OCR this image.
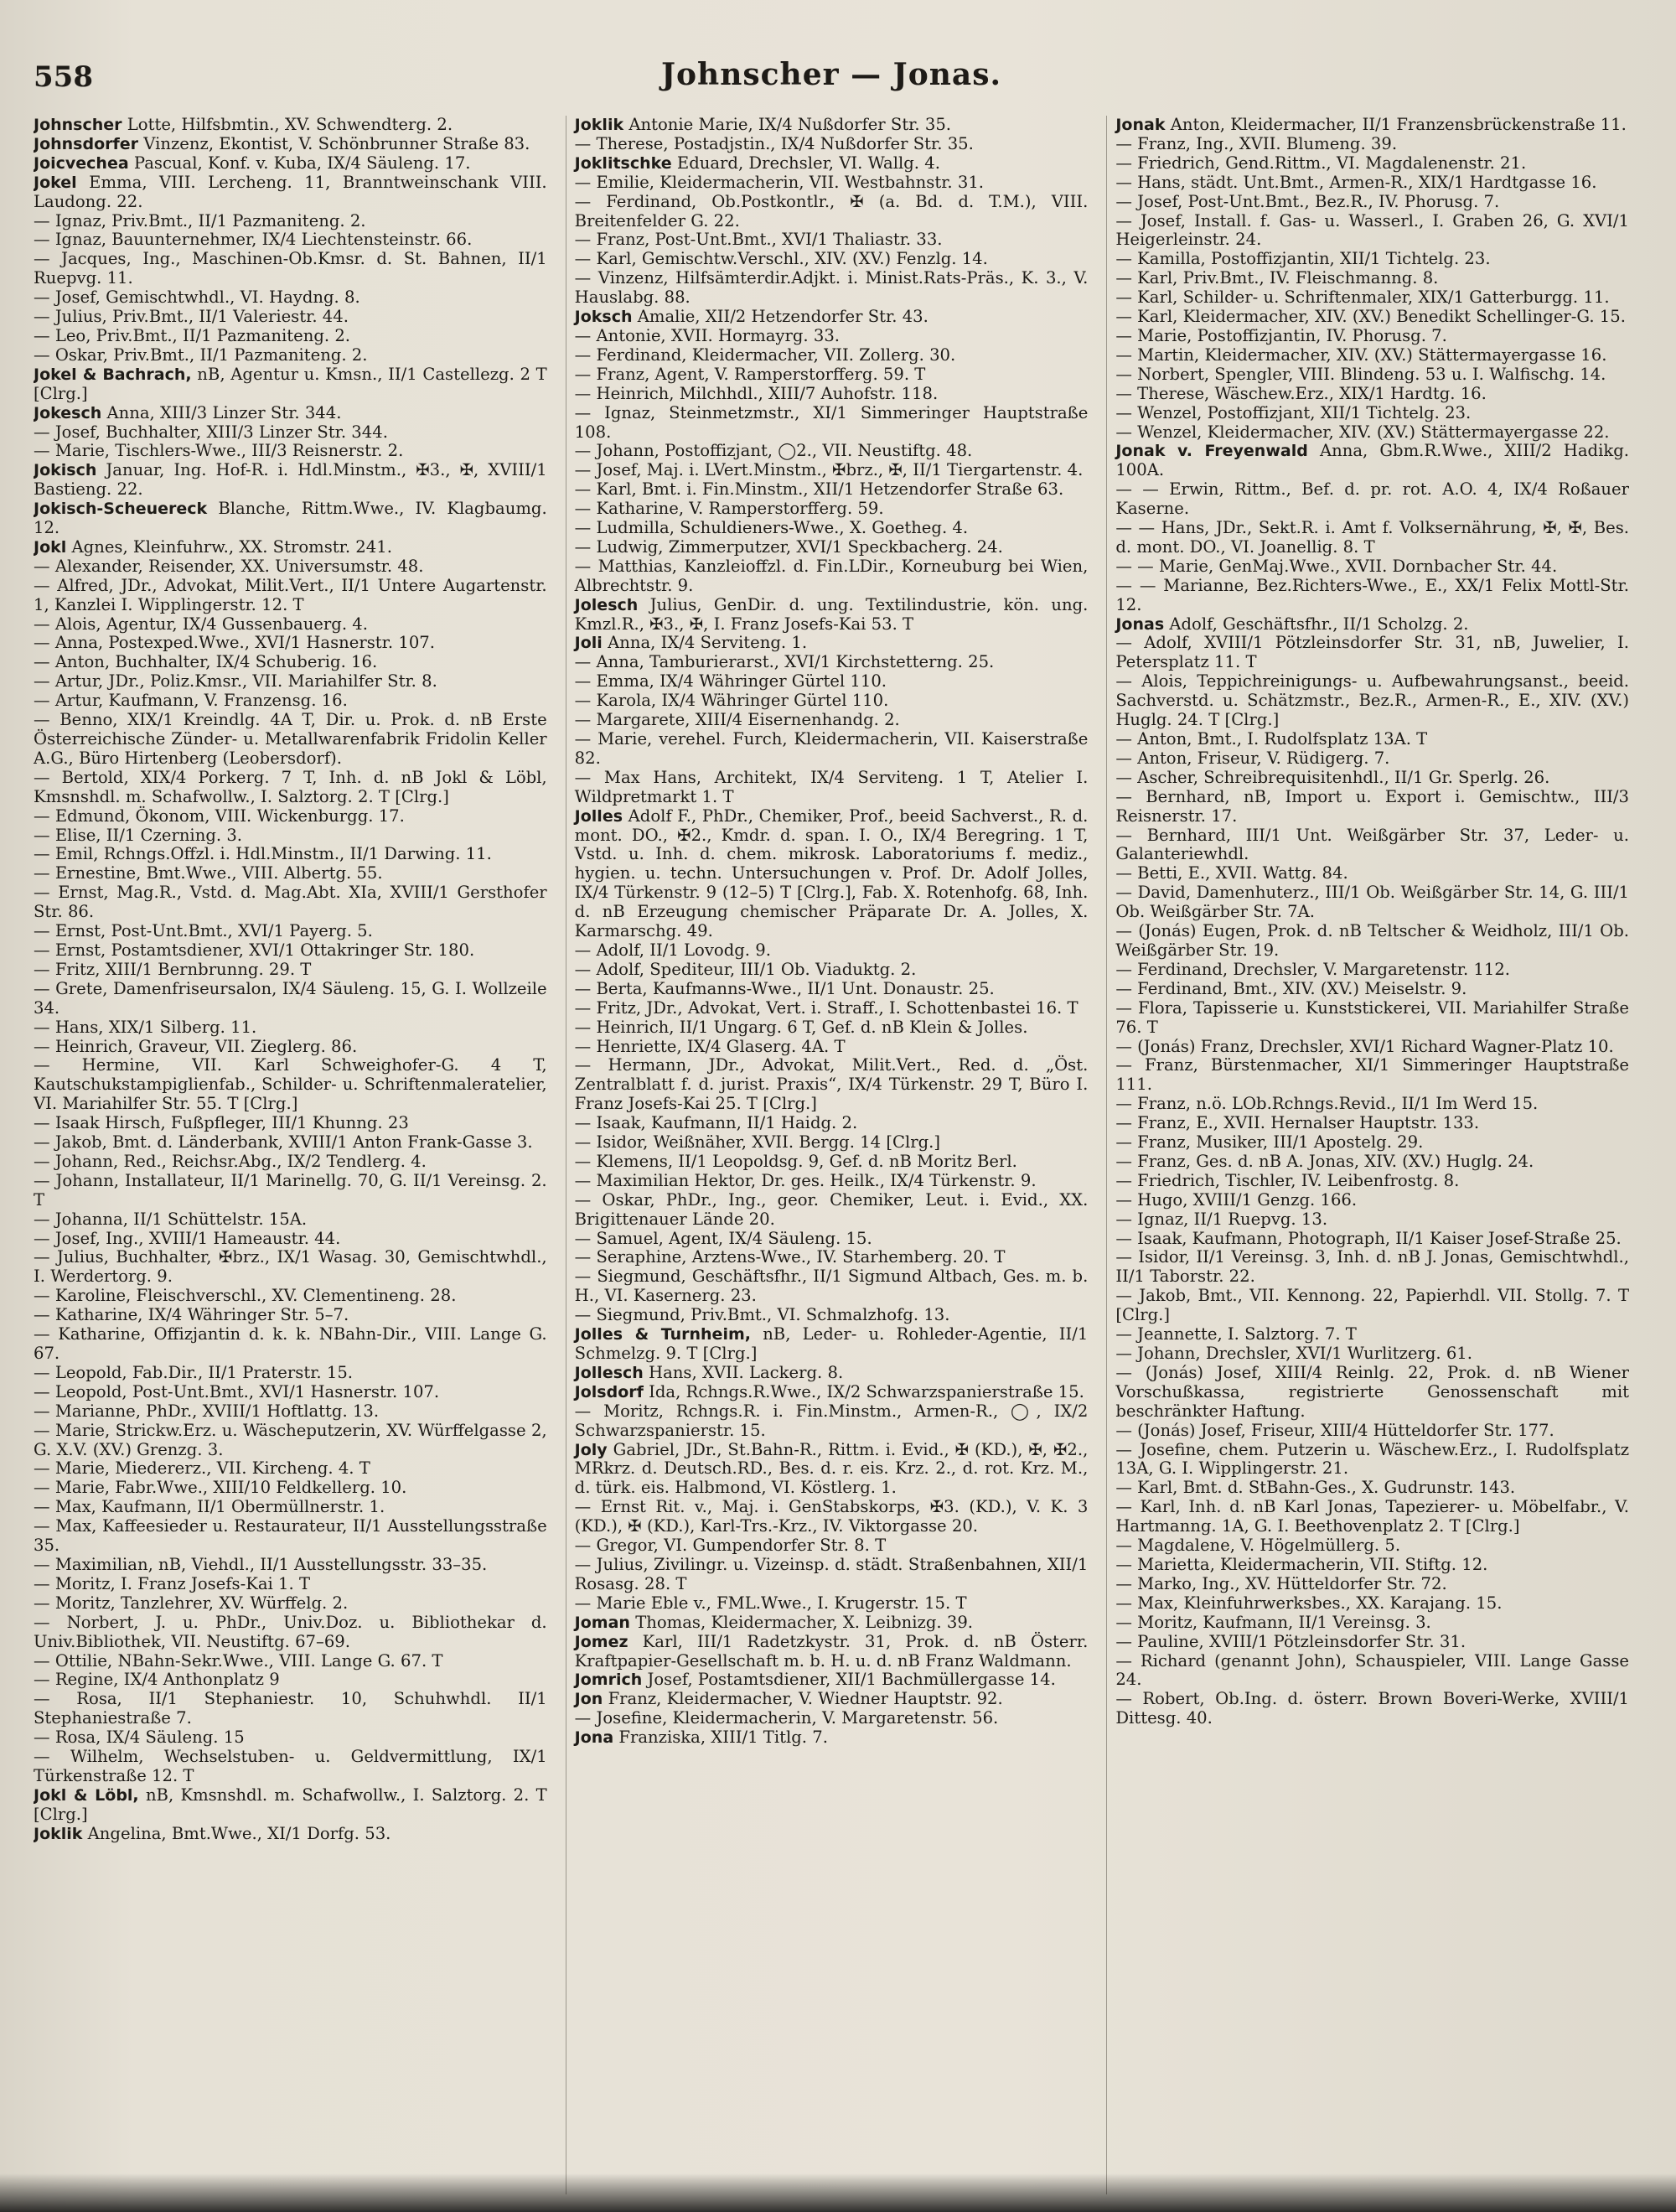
558	Johnscher — Jonas.

Johnscher Lotte, Hilfsbmtin., XV. Schwendterg. 2.

Johnsdorfer Vinzenz, Ekontist, V. Schönbrunner Straße 83.

Joicvechea Pascual, Konf. v. Kuba, IX/4 Säuleng. 17.

Jokel Emma, VIII. Lercheng. 11, Branntweinschank VIII. Laudong. 22.

— Ignaz, Priv.Bmt., II/1 Pazmaniteng. 2.

— Ignaz, Bauunternehmer, IX/4 Liechtensteinstr. 66.

— Jacques, Ing., Maschinen-Ob.Kmsr. d. St. Bahnen, II/1 Ruepvg. 11.

— Josef, Gemischtwhdl., VI. Haydng. 8.

— Julius, Priv.Bmt., II/1 Valeriestr. 44.

— Leo, Priv.Bmt., II/1 Pazmaniteng. 2.

— Oskar, Priv.Bmt., II/1 Pazmaniteng. 2.

Jokel & Bachrach, nB, Agentur u. Kmsn., II/1 Castellezg. 2 T [Clrg.]

Jokesch Anna, XIII/3 Linzer Str. 344.

— Josef, Buchhalter, XIII/3 Linzer Str. 344.

— Marie, Tischlers-Wwe., III/3 Reisnerstr. 2.

Jokisch Januar, Ing. Hof-R. i. Hdl.Minstm., ✠3., ✠, XVIII/1 Bastieng. 22.

Jokisch-Scheuereck Blanche, Rittm.Wwe., IV. Klagbaumg. 12.

Jokl Agnes, Kleinfuhrw., XX. Stromstr. 241.

— Alexander, Reisender, XX. Universumstr. 48.

— Alfred, JDr., Advokat, Milit.Vert., II/1 Untere Augartenstr. 1, Kanzlei I. Wipplingerstr. 12. T

— Alois, Agentur, IX/4 Gussenbauerg. 4.

— Anna, Postexped.Wwe., XVI/1 Hasnerstr. 107.

— Anton, Buchhalter, IX/4 Schuberig. 16.

— Artur, JDr., Poliz.Kmsr., VII. Mariahilfer Str. 8.

— Artur, Kaufmann, V. Franzensg. 16.

— Benno, XIX/1 Kreindlg. 4A T, Dir. u. Prok. d. nB Erste Österreichische Zünder- u. Metallwarenfabrik Fridolin Keller A.G., Büro Hirtenberg (Leobersdorf).

— Bertold, XIX/4 Porkerg. 7 T, Inh. d. nB Jokl & Löbl, Kmsnshdl. m. Schafwollw., I. Salztorg. 2. T [Clrg.]

— Edmund, Ökonom, VIII. Wickenburgg. 17.

— Elise, II/1 Czerning. 3.

— Emil, Rchngs.Offzl. i. Hdl.Minstm., II/1 Darwing. 11.

— Ernestine, Bmt.Wwe., VIII. Albertg. 55.

— Ernst, Mag.R., Vstd. d. Mag.Abt. XIa, XVIII/1 Gersthofer Str. 86.

— Ernst, Post-Unt.Bmt., XVI/1 Payerg. 5.

— Ernst, Postamtsdiener, XVI/1 Ottakringer Str. 180.

— Fritz, XIII/1 Bernbrunng. 29. T

— Grete, Damenfriseursalon, IX/4 Säuleng. 15, G. I. Wollzeile 34.

— Hans, XIX/1 Silberg. 11.

— Heinrich, Graveur, VII. Zieglerg. 86.

— Hermine, VII. Karl Schweighofer-G. 4 T, Kautschukstampiglienfab., Schilder- u. Schriftenmaleratelier, VI. Mariahilfer Str. 55. T [Clrg.]

— Isaak Hirsch, Fußpfleger, III/1 Khunng. 23

— Jakob, Bmt. d. Länderbank, XVIII/1 Anton Frank-Gasse 3.

— Johann, Red., Reichsr.Abg., IX/2 Tendlerg. 4.

— Johann, Installateur, II/1 Marinellg. 70, G. II/1 Vereinsg. 2. T

— Johanna, II/1 Schüttelstr. 15A.

— Josef, Ing., XVIII/1 Hameaustr. 44.

— Julius, Buchhalter, ✠brz., IX/1 Wasag. 30, Gemischtwhdl., I. Werdertorg. 9.

— Karoline, Fleischverschl., XV. Clementineng. 28.

— Katharine, IX/4 Währinger Str. 5–7.

— Katharine, Offizjantin d. k. k. NBahn-Dir., VIII. Lange G. 67.

— Leopold, Fab.Dir., II/1 Praterstr. 15.

— Leopold, Post-Unt.Bmt., XVI/1 Hasnerstr. 107.

— Marianne, PhDr., XVIII/1 Hoftlattg. 13.

— Marie, Strickw.Erz. u. Wäscheputzerin, XV. Würffelgasse 2, G. X.V. (XV.) Grenzg. 3.

— Marie, Miedererz., VII. Kircheng. 4. T

— Marie, Fabr.Wwe., XIII/10 Feldkellerg. 10.

— Max, Kaufmann, II/1 Obermüllnerstr. 1.

— Max, Kaffeesieder u. Restaurateur, II/1 Ausstellungsstraße 35.

— Maximilian, nB, Viehdl., II/1 Ausstellungsstr. 33–35.

— Moritz, I. Franz Josefs-Kai 1. T

— Moritz, Tanzlehrer, XV. Würffelg. 2.

— Norbert, J. u. PhDr., Univ.Doz. u. Bibliothekar d. Univ.Bibliothek, VII. Neustiftg. 67–69.

— Ottilie, NBahn-Sekr.Wwe., VIII. Lange G. 67. T

— Regine, IX/4 Anthonplatz 9

— Rosa, II/1 Stephaniestr. 10, Schuhwhdl. II/1 Stephaniestraße 7.

— Rosa, IX/4 Säuleng. 15

— Wilhelm, Wechselstuben- u. Geldvermittlung, IX/1 Türkenstraße 12. T

Jokl & Löbl, nB, Kmsnshdl. m. Schafwollw., I. Salztorg. 2. T [Clrg.]

Joklik Angelina, Bmt.Wwe., XI/1 Dorfg. 53.

Joklik Antonie Marie, IX/4 Nußdorfer Str. 35.

— Therese, Postadjstin., IX/4 Nußdorfer Str. 35.

Joklitschke Eduard, Drechsler, VI. Wallg. 4.

— Emilie, Kleidermacherin, VII. Westbahnstr. 31.

— Ferdinand, Ob.Postkontlr., ✠ (a. Bd. d. T.M.), VIII. Breitenfelder G. 22.

— Franz, Post-Unt.Bmt., XVI/1 Thaliastr. 33.

— Karl, Gemischtw.Verschl., XIV. (XV.) Fenzlg. 14.

— Vinzenz, Hilfsämterdir.Adjkt. i. Minist.Rats-Präs., K. 3., V. Hauslabg. 88.

Joksch Amalie, XII/2 Hetzendorfer Str. 43.

— Antonie, XVII. Hormayrg. 33.

— Ferdinand, Kleidermacher, VII. Zollerg. 30.

— Franz, Agent, V. Ramperstorfferg. 59. T

— Heinrich, Milchhdl., XIII/7 Auhofstr. 118.

— Ignaz, Steinmetzmstr., XI/1 Simmeringer Hauptstraße 108.

— Johann, Postoffizjant, ◯2., VII. Neustiftg. 48.

— Josef, Maj. i. LVert.Minstm., ✠brz., ✠, II/1 Tiergartenstr. 4.

— Karl, Bmt. i. Fin.Minstm., XII/1 Hetzendorfer Straße 63.

— Katharine, V. Ramperstorfferg. 59.

— Ludmilla, Schuldieners-Wwe., X. Goetheg. 4.

— Ludwig, Zimmerputzer, XVI/1 Speckbacherg. 24.

— Matthias, Kanzleioffzl. d. Fin.LDir., Korneuburg bei Wien, Albrechtstr. 9.

Jolesch Julius, GenDir. d. ung. Textilindustrie, kön. ung. Kmzl.R., ✠3., ✠, I. Franz Josefs-Kai 53. T

Joli Anna, IX/4 Serviteng. 1.

— Anna, Tamburierarst., XVI/1 Kirchstetterng. 25.

— Emma, IX/4 Währinger Gürtel 110.

— Karola, IX/4 Währinger Gürtel 110.

— Margarete, XIII/4 Eisernenhandg. 2.

— Marie, verehel. Furch, Kleidermacherin, VII. Kaiserstraße 82.

— Max Hans, Architekt, IX/4 Serviteng. 1 T, Atelier I. Wildpretmarkt 1. T

Jolles Adolf F., PhDr., Chemiker, Prof., beeid Sachverst., R. d. mont. DO., ✠2., Kmdr. d. span. I. O., IX/4 Beregring. 1 T, Vstd. u. Inh. d. chem. mikrosk. Laboratoriums f. mediz., hygien. u. techn. Untersuchungen v. Prof. Dr. Adolf Jolles, IX/4 Türkenstr. 9 (12–5) T [Clrg.], Fab. X. Rotenhofg. 68, Inh. d. nB Erzeugung chemischer Präparate Dr. A. Jolles, X. Karmarschg. 49.

— Adolf, II/1 Lovodg. 9.

— Adolf, Spediteur, III/1 Ob. Viaduktg. 2.

— Berta, Kaufmanns-Wwe., II/1 Unt. Donaustr. 25.

— Fritz, JDr., Advokat, Vert. i. Straff., I. Schottenbastei 16. T

— Heinrich, II/1 Ungarg. 6 T, Gef. d. nB Klein & Jolles.

— Henriette, IX/4 Glaserg. 4A. T

— Hermann, JDr., Advokat, Milit.Vert., Red. d. „Öst. Zentralblatt f. d. jurist. Praxis“, IX/4 Türkenstr. 29 T, Büro I. Franz Josefs-Kai 25. T [Clrg.]

— Isaak, Kaufmann, II/1 Haidg. 2.

— Isidor, Weißnäher, XVII. Bergg. 14 [Clrg.]

— Klemens, II/1 Leopoldsg. 9, Gef. d. nB Moritz Berl.

— Maximilian Hektor, Dr. ges. Heilk., IX/4 Türkenstr. 9.

— Oskar, PhDr., Ing., geor. Chemiker, Leut. i. Evid., XX. Brigittenauer Lände 20.

— Samuel, Agent, IX/4 Säuleng. 15.

— Seraphine, Arztens-Wwe., IV. Starhemberg. 20. T

— Siegmund, Geschäftsfhr., II/1 Sigmund Altbach, Ges. m. b. H., VI. Kasernerg. 23.

— Siegmund, Priv.Bmt., VI. Schmalzhofg. 13.

Jolles & Turnheim, nB, Leder- u. Rohleder-Agentie, II/1 Schmelzg. 9. T [Clrg.]

Jollesch Hans, XVII. Lackerg. 8.

Jolsdorf Ida, Rchngs.R.Wwe., IX/2 Schwarzspanierstraße 15.

— Moritz, Rchngs.R. i. Fin.Minstm., Armen-R., ◯, IX/2 Schwarzspanierstr. 15.

Joly Gabriel, JDr., St.Bahn-R., Rittm. i. Evid., ✠ (KD.), ✠, ✠2., MRkrz. d. Deutsch.RD., Bes. d. r. eis. Krz. 2., d. rot. Krz. M., d. türk. eis. Halbmond, VI. Köstlerg. 1.

— Ernst Rit. v., Maj. i. GenStabskorps, ✠3. (KD.), V. K. 3 (KD.), ✠ (KD.), Karl-Trs.-Krz., IV. Viktorgasse 20.

— Gregor, VI. Gumpendorfer Str. 8. T

— Julius, Zivilingr. u. Vizeinsp. d. städt. Straßenbahnen, XII/1 Rosasg. 28. T

— Marie Eble v., FML.Wwe., I. Krugerstr. 15. T

Joman Thomas, Kleidermacher, X. Leibnizg. 39.

Jomez Karl, III/1 Radetzkystr. 31, Prok. d. nB Österr. Kraftpapier-Gesellschaft m. b. H. u. d. nB Franz Waldmann.

Jomrich Josef, Postamtsdiener, XII/1 Bachmüllergasse 14.

Jon Franz, Kleidermacher, V. Wiedner Hauptstr. 92.

— Josefine, Kleidermacherin, V. Margaretenstr. 56.

Jona Franziska, XIII/1 Titlg. 7.

Jonak Anton, Kleidermacher, II/1 Franzensbrückenstraße 11.

— Franz, Ing., XVII. Blumeng. 39.

— Friedrich, Gend.Rittm., VI. Magdalenenstr. 21.

— Hans, städt. Unt.Bmt., Armen-R., XIX/1 Hardtgasse 16.

— Josef, Post-Unt.Bmt., Bez.R., IV. Phorusg. 7.

— Josef, Install. f. Gas- u. Wasserl., I. Graben 26, G. XVI/1 Heigerleinstr. 24.

— Kamilla, Postoffizjantin, XII/1 Tichtelg. 23.

— Karl, Priv.Bmt., IV. Fleischmanng. 8.

— Karl, Schilder- u. Schriftenmaler, XIX/1 Gatterburgg. 11.

— Karl, Kleidermacher, XIV. (XV.) Benedikt Schellinger-G. 15.

— Marie, Postoffizjantin, IV. Phorusg. 7.

— Martin, Kleidermacher, XIV. (XV.) Stättermayergasse 16.

— Norbert, Spengler, VIII. Blindeng. 53 u. I. Walfischg. 14.

— Therese, Wäschew.Erz., XIX/1 Hardtg. 16.

— Wenzel, Postoffizjant, XII/1 Tichtelg. 23.

— Wenzel, Kleidermacher, XIV. (XV.) Stättermayergasse 22.

Jonak v. Freyenwald Anna, Gbm.R.Wwe., XIII/2 Hadikg. 100A.

— — Erwin, Rittm., Bef. d. pr. rot. A.O. 4, IX/4 Roßauer Kaserne.

— — Hans, JDr., Sekt.R. i. Amt f. Volksernährung, ✠, ✠, Bes. d. mont. DO., VI. Joanellig. 8. T

— — Marie, GenMaj.Wwe., XVII. Dornbacher Str. 44.

— — Marianne, Bez.Richters-Wwe., E., XX/1 Felix Mottl-Str. 12.

Jonas Adolf, Geschäftsfhr., II/1 Scholzg. 2.

— Adolf, XVIII/1 Pötzleinsdorfer Str. 31, nB, Juwelier, I. Petersplatz 11. T

— Alois, Teppichreinigungs- u. Aufbewahrungsanst., beeid. Sachverstd. u. Schätzmstr., Bez.R., Armen-R., E., XIV. (XV.) Huglg. 24. T [Clrg.]

— Anton, Bmt., I. Rudolfsplatz 13A. T

— Anton, Friseur, V. Rüdigerg. 7.

— Ascher, Schreibrequisitenhdl., II/1 Gr. Sperlg. 26.

— Bernhard, nB, Import u. Export i. Gemischtw., III/3 Reisnerstr. 17.

— Bernhard, III/1 Unt. Weißgärber Str. 37, Leder- u. Galanteriewhdl.

— Betti, E., XVII. Wattg. 84.

— David, Damenhuterz., III/1 Ob. Weißgärber Str. 14, G. III/1 Ob. Weißgärber Str. 7A.

— (Jonás) Eugen, Prok. d. nB Teltscher & Weidholz, III/1 Ob. Weißgärber Str. 19.

— Ferdinand, Drechsler, V. Margaretenstr. 112.

— Ferdinand, Bmt., XIV. (XV.) Meiselstr. 9.

— Flora, Tapisserie u. Kunststickerei, VII. Mariahilfer Straße 76. T

— (Jonás) Franz, Drechsler, XVI/1 Richard Wagner-Platz 10.

— Franz, Bürstenmacher, XI/1 Simmeringer Hauptstraße 111.

— Franz, n.ö. LOb.Rchngs.Revid., II/1 Im Werd 15.

— Franz, E., XVII. Hernalser Hauptstr. 133.

— Franz, Musiker, III/1 Apostelg. 29.

— Franz, Ges. d. nB A. Jonas, XIV. (XV.) Huglg. 24.

— Friedrich, Tischler, IV. Leibenfrostg. 8.

— Hugo, XVIII/1 Genzg. 166.

— Ignaz, II/1 Ruepvg. 13.

— Isaak, Kaufmann, Photograph, II/1 Kaiser Josef-Straße 25.

— Isidor, II/1 Vereinsg. 3, Inh. d. nB J. Jonas, Gemischtwhdl., II/1 Taborstr. 22.

— Jakob, Bmt., VII. Kennong. 22, Papierhdl. VII. Stollg. 7. T [Clrg.]

— Jeannette, I. Salztorg. 7. T

— Johann, Drechsler, XVI/1 Wurlitzerg. 61.

— (Jonás) Josef, XIII/4 Reinlg. 22, Prok. d. nB Wiener Vorschußkassa, registrierte Genossenschaft mit beschränkter Haftung.

— (Jonás) Josef, Friseur, XIII/4 Hütteldorfer Str. 177.

— Josefine, chem. Putzerin u. Wäschew.Erz., I. Rudolfsplatz 13A, G. I. Wipplingerstr. 21.

— Karl, Bmt. d. StBahn-Ges., X. Gudrunstr. 143.

— Karl, Inh. d. nB Karl Jonas, Tapezierer- u. Möbelfabr., V. Hartmanng. 1A, G. I. Beethovenplatz 2. T [Clrg.]

— Magdalene, V. Högelmüllerg. 5.

— Marietta, Kleidermacherin, VII. Stiftg. 12.

— Marko, Ing., XV. Hütteldorfer Str. 72.

— Max, Kleinfuhrwerksbes., XX. Karajang. 15.

— Moritz, Kaufmann, II/1 Vereinsg. 3.

— Pauline, XVIII/1 Pötzleinsdorfer Str. 31.

— Richard (genannt John), Schauspieler, VIII. Lange Gasse 24.

— Robert, Ob.Ing. d. österr. Brown Boveri-Werke, XVIII/1 Dittesg. 40.
